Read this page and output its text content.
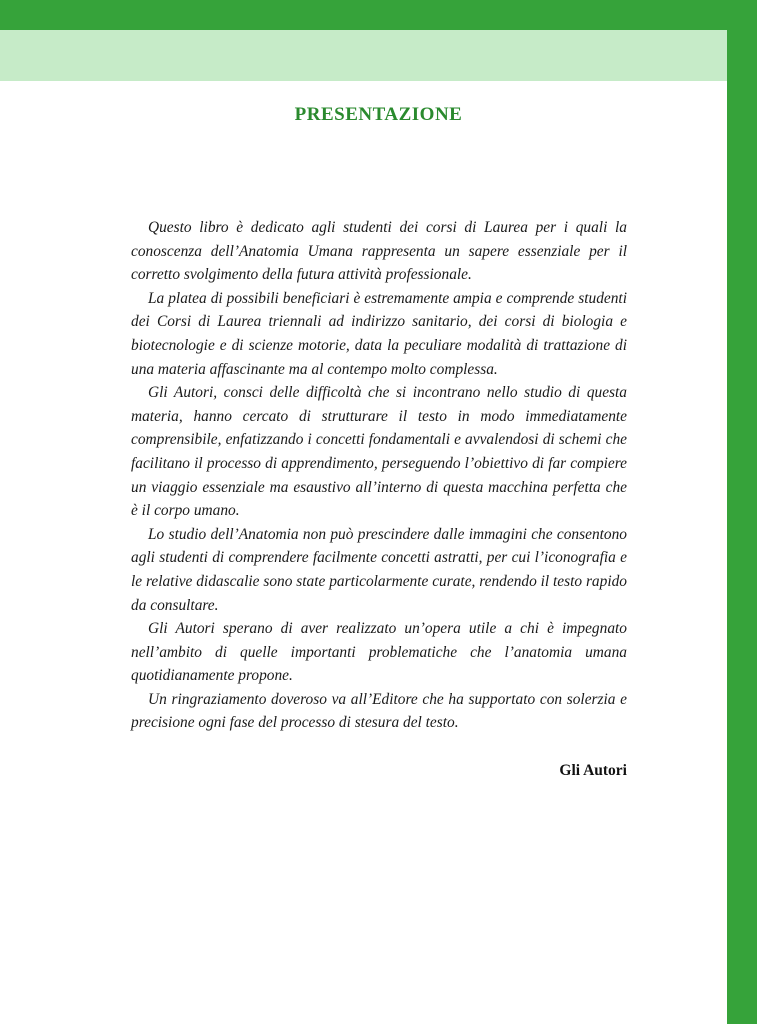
PRESENTAZIONE

Questo libro è dedicato agli studenti dei corsi di Laurea per i quali la conoscenza dell’Anatomia Umana rappresenta un sapere essenziale per il corretto svolgimento della futura attività professionale.

La platea di possibili beneficiari è estremamente ampia e comprende studenti dei Corsi di Laurea triennali ad indirizzo sanitario, dei corsi di biologia e biotecnologie e di scienze motorie, data la peculiare modalità di trattazione di una materia affascinante ma al contempo molto complessa.

Gli Autori, consci delle difficoltà che si incontrano nello studio di questa materia, hanno cercato di strutturare il testo in modo immediatamente comprensibile, enfatizzando i concetti fondamentali e avvalendosi di schemi che facilitano il processo di apprendimento, perseguendo l’obiettivo di far compiere un viaggio essenziale ma esaustivo all’interno di questa macchina perfetta che è il corpo umano.

Lo studio dell’Anatomia non può prescindere dalle immagini che consentono agli studenti di comprendere facilmente concetti astratti, per cui l’iconografia e le relative didascalie sono state particolarmente curate, rendendo il testo rapido da consultare.

Gli Autori sperano di aver realizzato un’opera utile a chi è impegnato nell’ambito di quelle importanti problematiche che l’anatomia umana quotidianamente propone.

Un ringraziamento doveroso va all’Editore che ha supportato con solerzia e precisione ogni fase del processo di stesura del testo.

Gli Autori
